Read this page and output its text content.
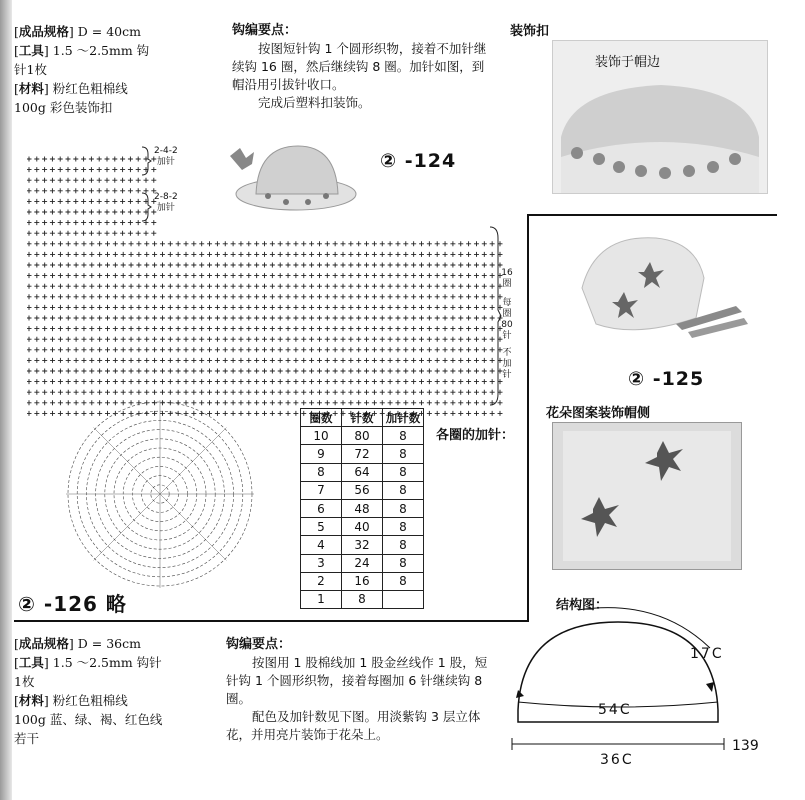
[成品规格] D = 40cm
[工具] 1.5 ～2.5mm 钩
针1枚
[材料] 粉红色粗棉线
100g 彩色装饰扣
钩编要点：

按图短针钩 1 个圆形织物，接着不加针继续钩 16 圈，然后继续钩 8 圈。加针如图，到帽沿用引拔针收口。

完成后塑料扣装饰。

② -124

2-4-2
加针
2-8-2
加针
16
圈
每
圈
80
针
不
加
针
装饰扣
装饰于帽边
② -125
花朵图案装饰帽侧
② -126 略
圈数	针数	加针数
10	80	8
9	72	8
8	64	8
7	56	8
6	48	8
5	40	8
4	32	8
3	24	8
2	16	8
1	8	
各圈的加针：
结构图：
17C
54C
36C
139
[成品规格] D = 36cm
[工具] 1.5 ～2.5mm 钩针
1枚
[材料] 粉红色粗棉线
100g 蓝、绿、褐、红色线
若干
钩编要点：

按图用 1 股棉线加 1 股金丝线作 1 股，短针钩 1 个圆形织物，接着每圈加 6 针继续钩 8 圈。

配色及加针数见下图。用淡紫钩 3 层立体花，并用亮片装饰于花朵上。
